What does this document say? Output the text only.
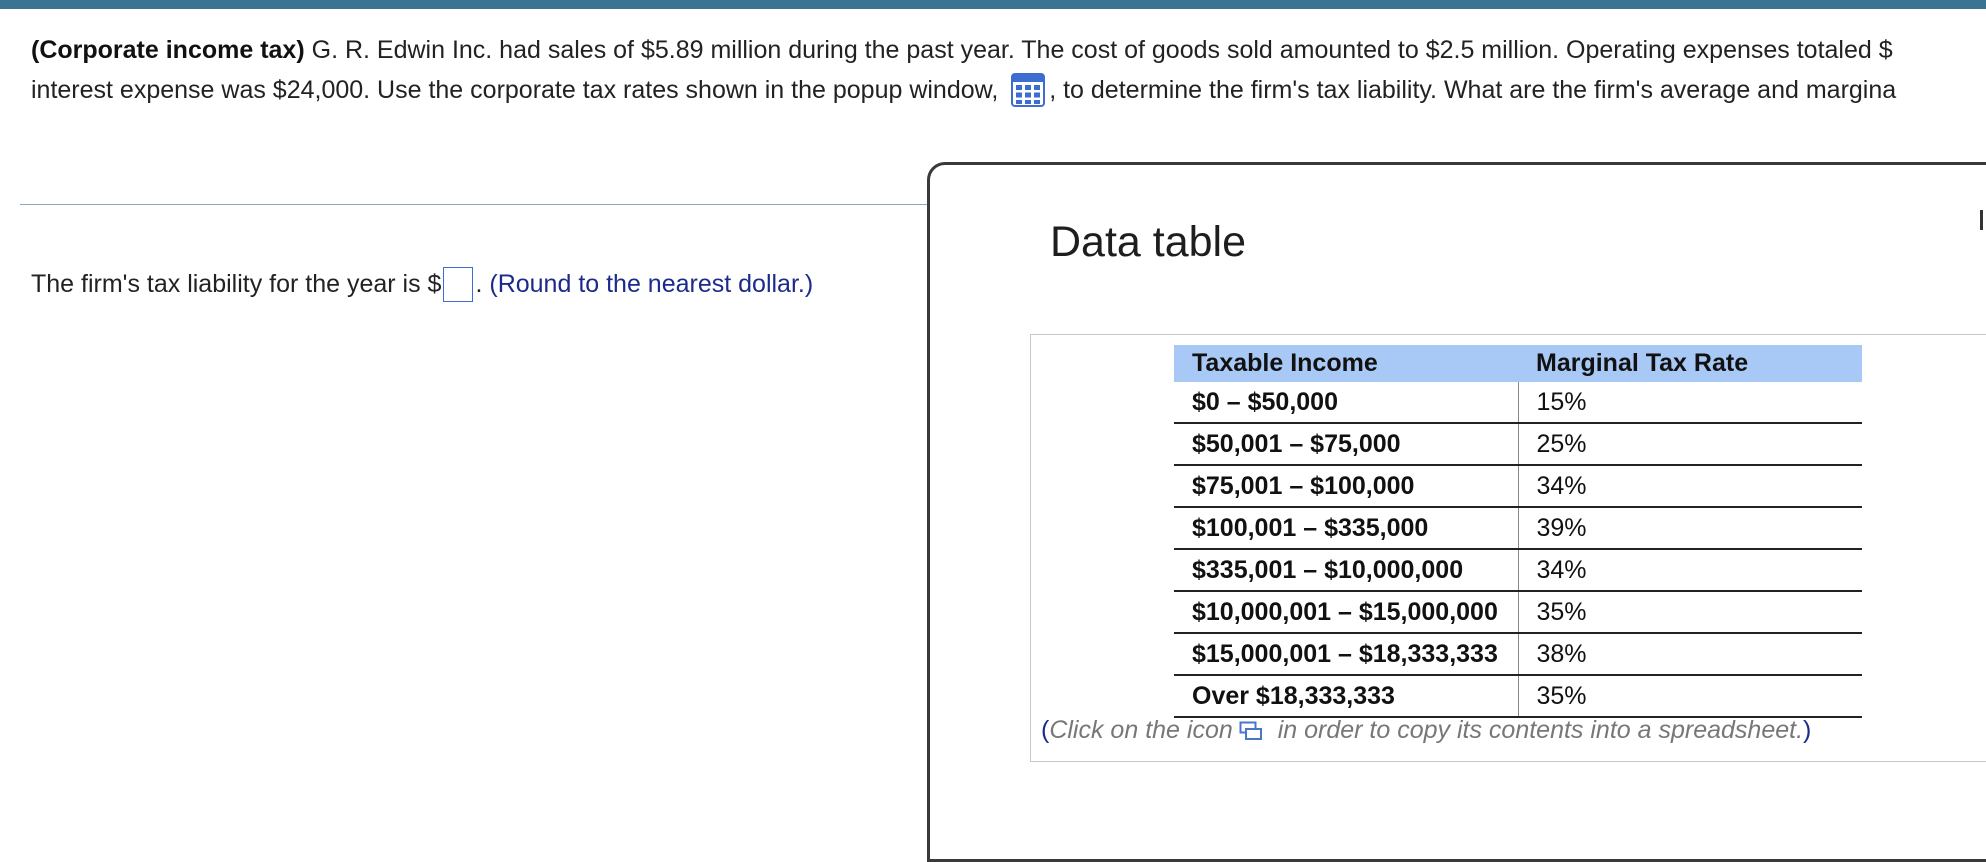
(Corporate income tax) G. R. Edwin Inc. had sales of $5.89 million during the past year. The cost of goods sold amounted to $2.5 million. Operating expenses totaled $
interest expense was $24,000. Use the corporate tax rates shown in the popup window, , to determine the firm's tax liability. What are the firm's average and margina
The firm's tax liability for the year is $ . (Round to the nearest dollar.)
Data table
Taxable Income	Marginal Tax Rate
$0 – $50,000	15%
$50,001 – $75,000	25%
$75,001 – $100,000	34%
$100,001 – $335,000	39%
$335,001 – $10,000,000	34%
$10,000,001 – $15,000,000	35%
$15,000,001 – $18,333,333	38%
Over $18,333,333	35%
(Click on the icon in order to copy its contents into a spreadsheet.)
